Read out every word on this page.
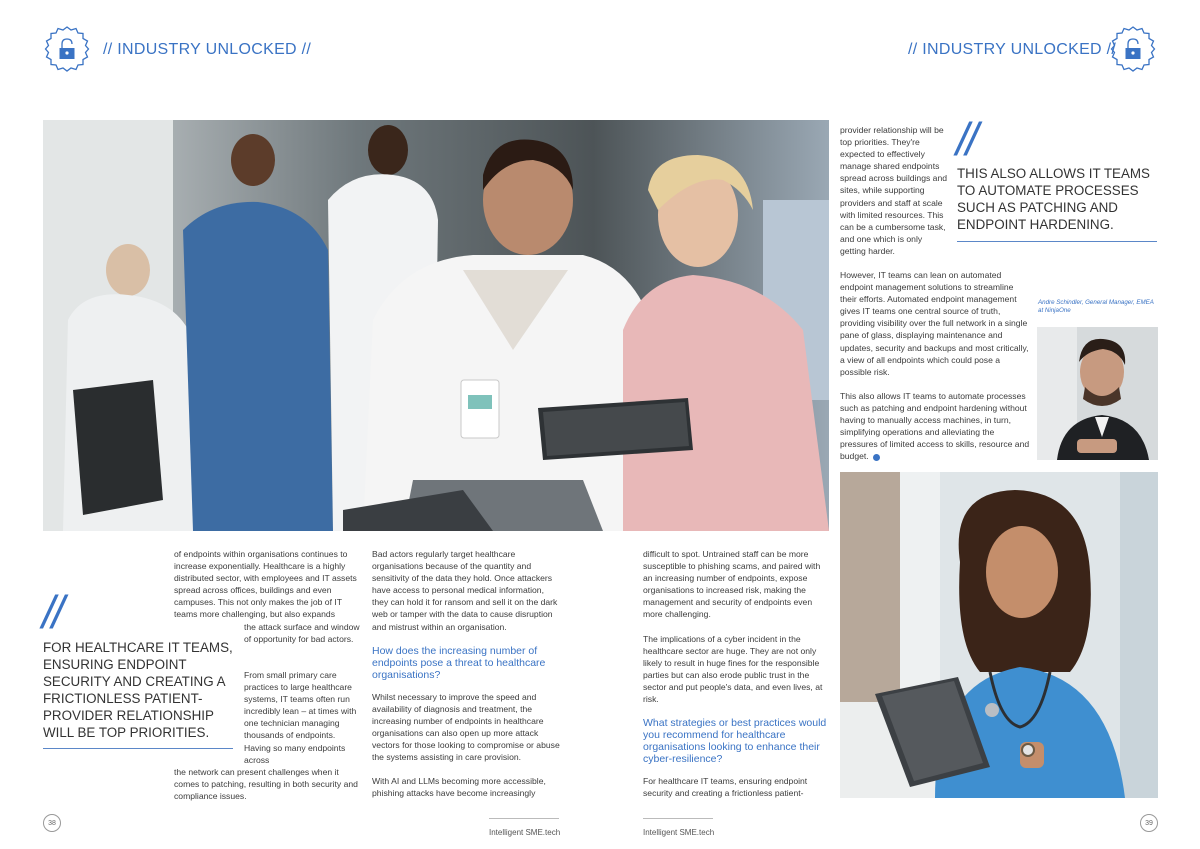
// INDUSTRY UNLOCKED //	// INDUSTRY UNLOCKED //
//
FOR HEALTHCARE IT TEAMS, ENSURING ENDPOINT SECURITY AND CREATING A FRICTIONLESS PATIENT-PROVIDER RELATIONSHIP WILL BE TOP PRIORITIES.
of endpoints within organisations continues to increase exponentially. Healthcare is a highly distributed sector, with employees and IT assets spread across offices, buildings and even campuses. This not only makes the job of IT teams more challenging, but also expands
the attack surface and window of opportunity for bad actors.
From small primary care practices to large healthcare systems, IT teams often run incredibly lean – at times with one technician managing thousands of endpoints. Having so many endpoints across
the network can present challenges when it comes to patching, resulting in both security and compliance issues.

Bad actors regularly target healthcare organisations because of the quantity and sensitivity of the data they hold. Once attackers have access to personal medical information, they can hold it for ransom and sell it on the dark web or tamper with the data to cause disruption and mistrust within an organisation.

How does the increasing number of endpoints pose a threat to healthcare organisations?

Whilst necessary to improve the speed and availability of diagnosis and treatment, the increasing number of endpoints in healthcare organisations can also open up more attack vectors for those looking to compromise or abuse the systems assisting in care provision.

With AI and LLMs becoming more accessible, phishing attacks have become increasingly

difficult to spot. Untrained staff can be more susceptible to phishing scams, and paired with an increasing number of endpoints, expose organisations to increased risk, making the management and security of endpoints even more challenging.

The implications of a cyber incident in the healthcare sector are huge. They are not only likely to result in huge fines for the responsible parties but can also erode public trust in the sector and put people's data, and even lives, at risk.

What strategies or best practices would you recommend for healthcare organisations looking to enhance their cyber-resilience?

For healthcare IT teams, ensuring endpoint security and creating a frictionless patient-

provider relationship will be top priorities. They're expected to effectively manage shared endpoints spread across buildings and sites, while supporting providers and staff at scale with limited resources. This can be a cumbersome task, and one which is only getting harder.
However, IT teams can lean on automated endpoint management solutions to streamline their efforts. Automated endpoint management gives IT teams one central source of truth, providing visibility over the full network in a single pane of glass, displaying maintenance and updates, security and backups and most critically, a view of all endpoints which could pose a possible risk.
This also allows IT teams to automate processes such as patching and endpoint hardening without having to manually access machines, in turn, simplifying operations and alleviating the pressures of limited access to skills, resource and budget.
//
THIS ALSO ALLOWS IT TEAMS TO AUTOMATE PROCESSES SUCH AS PATCHING AND ENDPOINT HARDENING.
Andre Schindler, General Manager, EMEA at NinjaOne
38
Intelligent SME.tech	Intelligent SME.tech
39
